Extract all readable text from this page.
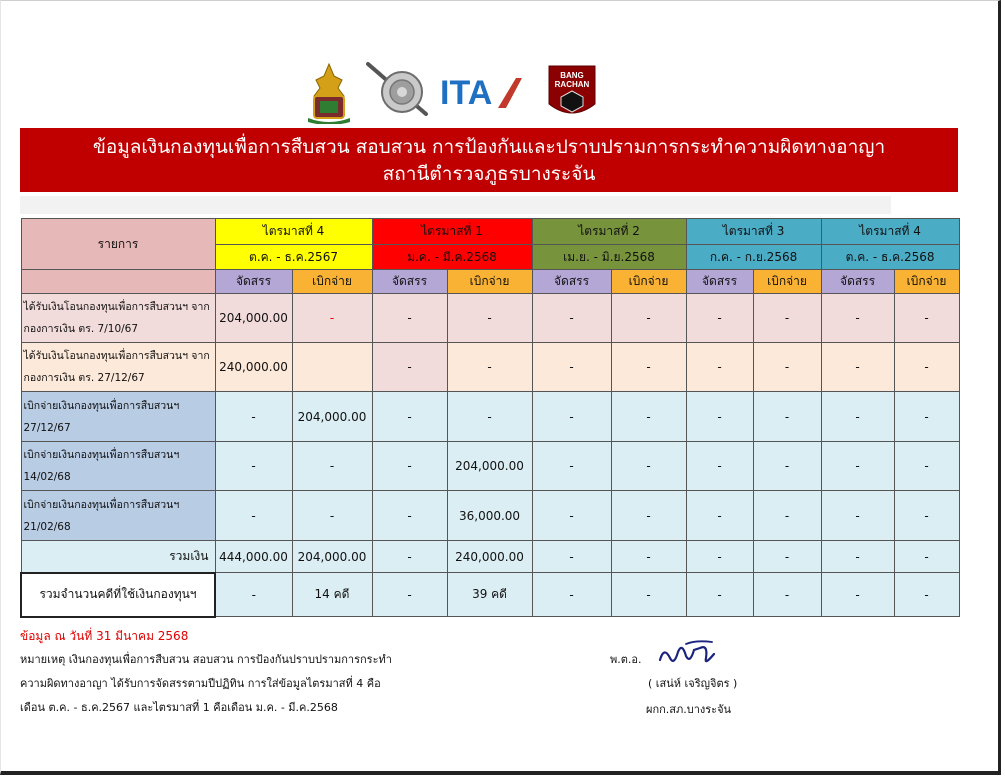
ITA	BANG
RACHAN
ข้อมูลเงินกองทุนเพื่อการสืบสวน สอบสวน การป้องกันและปราบปรามการกระทำความผิดทางอาญา
สถานีตำรวจภูธรบางระจัน
รายการ	ไตรมาสที่ 4		ไตรมาสที่ 1		ไตรมาสที่ 2		ไตรมาสที่ 3		ไตรมาสที่ 4	
	ต.ค. - ธ.ค.2567		ม.ค. - มี.ค.2568		เม.ย. - มิ.ย.2568		ก.ค. - ก.ย.2568		ต.ค. - ธ.ค.2568	
	จัดสรร	เบิกจ่าย	จัดสรร	เบิกจ่าย	จัดสรร	เบิกจ่าย	จัดสรร	เบิกจ่าย	จัดสรร	เบิกจ่าย

ได้รับเงินโอนกองทุนเพื่อการสืบสวนฯ จาก
กองการเงิน ตร. 7/10/67	204,000.00	-	-	-	-	-	-	-	-	-

ได้รับเงินโอนกองทุนเพื่อการสืบสวนฯ จาก
กองการเงิน ตร. 27/12/67	240,000.00		-	-	-	-	-	-	-	-

เบิกจ่ายเงินกองทุนเพื่อการสืบสวนฯ
27/12/67	-	204,000.00	-	-	-	-	-	-	-	-

เบิกจ่ายเงินกองทุนเพื่อการสืบสวนฯ
14/02/68	-	-	-	204,000.00	-	-	-	-	-	-

เบิกจ่ายเงินกองทุนเพื่อการสืบสวนฯ
21/02/68	-	-	-	36,000.00	-	-	-	-	-	-
รวมเงิน	444,000.00	204,000.00	-	240,000.00	-	-	-	-	-	-
รวมจำนวนคดีที่ใช้เงินกองทุนฯ	-	14 คดี	-	39 คดี	-	-	-	-	-	-
ข้อมูล ณ วันที่ 31 มีนาคม 2568
หมายเหตุ เงินกองทุนเพื่อการสืบสวน สอบสวน การป้องกันปราบปรามการกระทำ
ความผิดทางอาญา ได้รับการจัดสรรตามปีปฏิทิน การใส่ข้อมูลไตรมาสที่ 4 คือ
เดือน ต.ค. - ธ.ค.2567 และไตรมาสที่ 1 คือเดือน ม.ค. - มี.ค.2568
พ.ต.อ.
( เสน่ห์ เจริญจิตร )
ผกก.สภ.บางระจัน
